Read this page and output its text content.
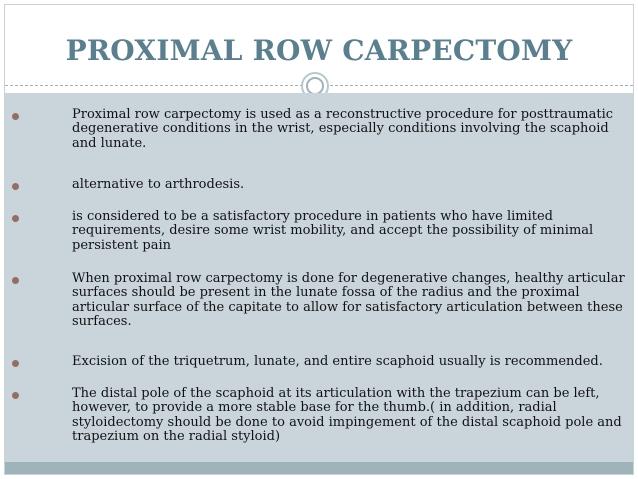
PROXIMAL ROW CARPECTOMY
Proximal row carpectomy is used as a reconstructive procedure for posttraumatic degenerative conditions in the wrist, especially conditions involving the scaphoid and lunate.
alternative to arthrodesis.
is considered to be a satisfactory procedure in patients who have limited requirements, desire some wrist mobility, and accept the possibility of minimal persistent pain
When proximal row carpectomy is done for degenerative changes, healthy articular surfaces should be present in the lunate fossa of the radius and the proximal articular surface of the capitate to allow for satisfactory articulation between these surfaces.
Excision of the triquetrum, lunate, and entire scaphoid usually is recommended.
The distal pole of the scaphoid at its articulation with the trapezium can be left, however, to provide a more stable base for the thumb.( in addition, radial styloidectomy should be done to avoid impingement of the distal scaphoid pole and trapezium on the radial styloid)
